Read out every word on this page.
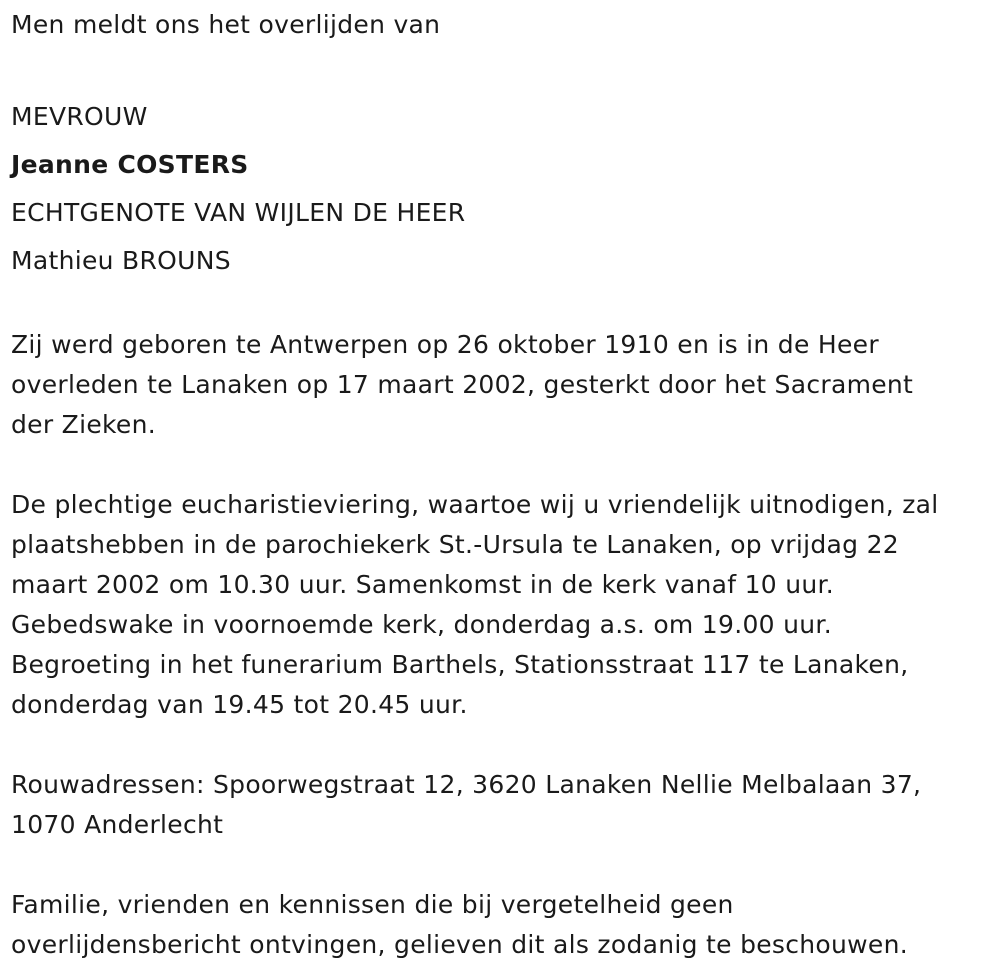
Men meldt ons het overlijden van
MEVROUW
Jeanne COSTERS
ECHTGENOTE VAN WIJLEN DE HEER
Mathieu BROUNS
Zij werd geboren te Antwerpen op 26 oktober 1910 en is in de Heer
overleden te Lanaken op 17 maart 2002, gesterkt door het Sacrament
der Zieken.
De plechtige eucharistieviering, waartoe wij u vriendelijk uitnodigen, zal
plaatshebben in de parochiekerk St.-Ursula te Lanaken, op vrijdag 22
maart 2002 om 10.30 uur. Samenkomst in de kerk vanaf 10 uur.
Gebedswake in voornoemde kerk, donderdag a.s. om 19.00 uur.
Begroeting in het funerarium Barthels, Stationsstraat 117 te Lanaken,
donderdag van 19.45 tot 20.45 uur.
Rouwadressen: Spoorwegstraat 12, 3620 Lanaken Nellie Melbalaan 37,
1070 Anderlecht
Familie, vrienden en kennissen die bij vergetelheid geen
overlijdensbericht ontvingen, gelieven dit als zodanig te beschouwen.
